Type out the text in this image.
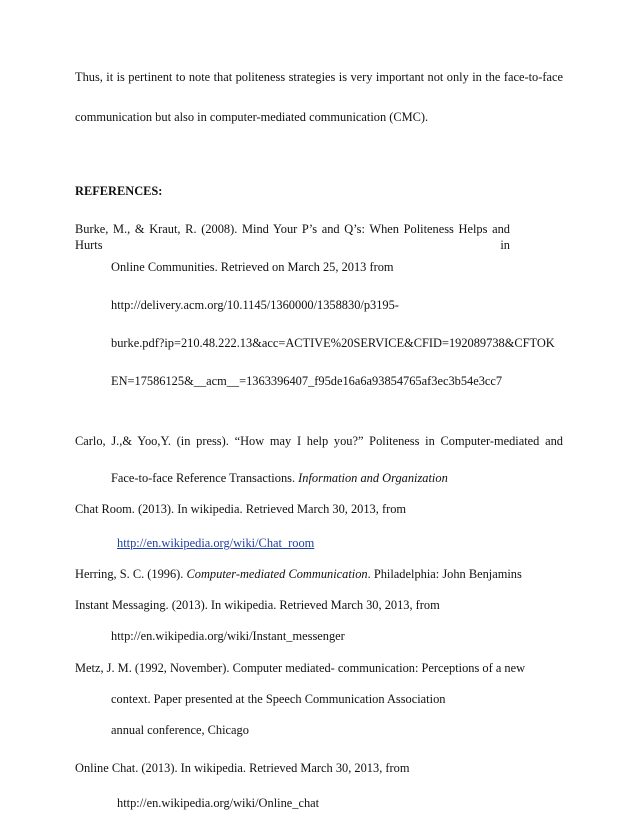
Thus, it is pertinent to note that politeness strategies is very important not only in the face-to-face
communication but also in computer-mediated communication (CMC).
REFERENCES:
Burke, M., & Kraut, R. (2008). Mind Your P’s and Q’s: When Politeness Helps and Hurts in
Online Communities. Retrieved on March 25, 2013 from
http://delivery.acm.org/10.1145/1360000/1358830/p3195-
burke.pdf?ip=210.48.222.13&acc=ACTIVE%20SERVICE&CFID=192089738&CFTOK
EN=17586125&__acm__=1363396407_f95de16a6a93854765af3ec3b54e3cc7
Carlo, J.,& Yoo,Y. (in press). “How may I help you?” Politeness in Computer-mediated and
Face-to-face Reference Transactions. Information and Organization
Chat Room. (2013). In wikipedia. Retrieved March 30, 2013, from
http://en.wikipedia.org/wiki/Chat_room
Herring, S. C. (1996). Computer-mediated Communication. Philadelphia: John Benjamins
Instant Messaging. (2013). In wikipedia. Retrieved March 30, 2013, from
http://en.wikipedia.org/wiki/Instant_messenger
Metz, J. M. (1992, November). Computer mediated- communication: Perceptions of a new
context. Paper presented at the Speech Communication Association
annual conference, Chicago
Online Chat. (2013). In wikipedia. Retrieved March 30, 2013, from
http://en.wikipedia.org/wiki/Online_chat
